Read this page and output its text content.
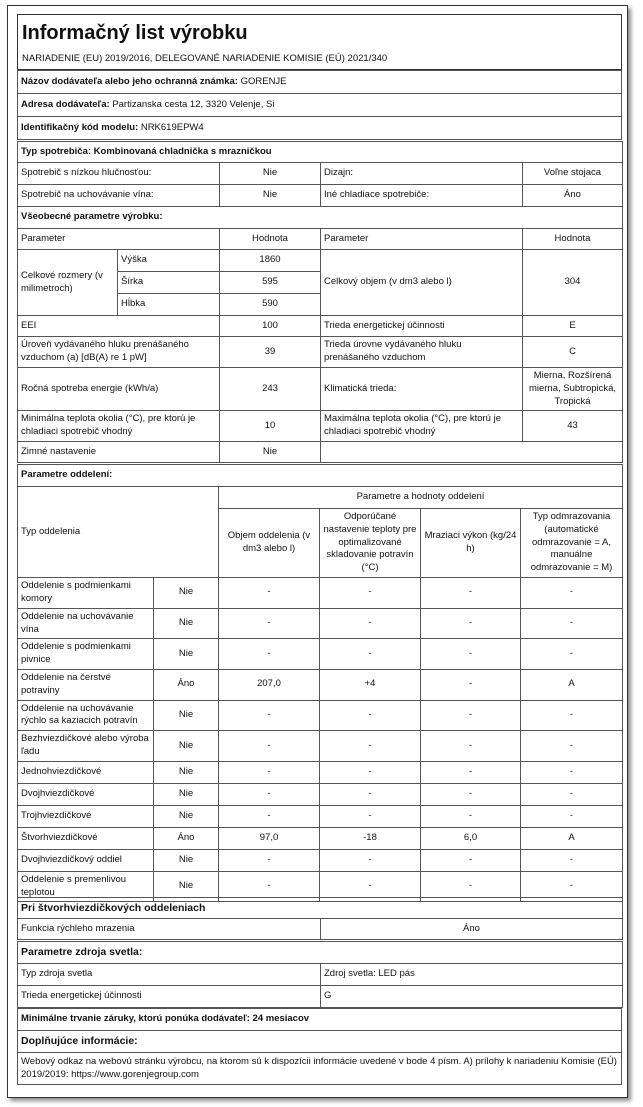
Informačný list výrobku
NARIADENIE (EU) 2019/2016, DELEGOVANÉ NARIADENIE KOMISIE (EÚ) 2021/340
Názov dodávateľa alebo jeho ochranná známka: GORENJE
Adresa dodávateľa: Partizanska cesta 12, 3320 Velenje, Si
Identifikačný kód modelu: NRK619EPW4
Typ spotrebiča: Kombinovaná chladnička s mrazničkou				
Spotrebič s nízkou hlučnosťou:		Nie	Dizajn:	Voľne stojaca
Spotrebič na uchovávanie vína:		Nie	Iné chladiace spotrebiče:	Áno
Všeobecné parametre výrobku:				
Parameter		Hodnota	Parameter	Hodnota
Celkové rozmery (v milimetroch)	Výška	1860	Celkový objem (v dm3 alebo l)	304
	Šírka	595		
	Hĺbka	590		
EEI		100	Trieda energetickej účinnosti	E
Úroveň vydávaného hluku prenášaného vzduchom (a) [dB(A) re 1 pW]		39	Trieda úrovne vydávaného hluku prenášaného vzduchom	C
Ročná spotreba energie (kWh/a)		243	Klimatická trieda:	Mierna, Rozšírená mierna, Subtropická, Tropická
Minimálna teplota okolia (°C), pre ktorú je chladiaci spotrebič vhodný		10	Maximálna teplota okolia (°C), pre ktorú je chladiaci spotrebič vhodný	43
Zimné nastavenie		Nie		
Parametre oddelení:					
Typ oddelenia		Parametre a hodnoty oddelení			
		Objem oddelenia (v dm3 alebo l)	Odporúčané nastavenie teploty pre optimalizované skladovanie potravín (°C)	Mraziaci výkon (kg/24 h)	Typ odmrazovania (automatické odmrazovanie = A, manuálne odmrazovanie = M)
Oddelenie s podmienkami komory	Nie	-	-	-	-
Oddelenie na uchovávanie vína	Nie	-	-	-	-
Oddelenie s podmienkami pivnice	Nie	-	-	-	-
Oddelenie na čerstvé potraviny	Áno	207,0	+4	-	A
Oddelenie na uchovávanie rýchlo sa kaziacich potravín	Nie	-	-	-	-
Bezhviezdičkové alebo výroba ľadu	Nie	-	-	-	-
Jednohviezdičkové	Nie	-	-	-	-
Dvojhviezdičkové	Nie	-	-	-	-
Trojhviezdičkové	Nie	-	-	-	-
Štvorhviezdičkové	Áno	97,0	-18	6,0	A
Dvojhviezdičkový oddiel	Nie	-	-	-	-
Oddelenie s premenlivou teplotou	Nie	-	-	-	-
Pri štvorhviezdičkových oddeleniach
Funkcia rýchleho mrazenia	Áno
Parametre zdroja svetla:	
Typ zdroja svetla	Zdroj svetla: LED pás
Trieda energetickej účinnosti	G
Minimálne trvanie záruky, ktorú ponúka dodávateľ: 24 mesiacov
Doplňujúce informácie:
Webový odkaz na webovú stránku výrobcu, na ktorom sú k dispozícii informácie uvedené v bode 4 písm. A) prílohy k nariadeniu Komisie (EÚ) 2019/2019: https://www.gorenjegroup.com
